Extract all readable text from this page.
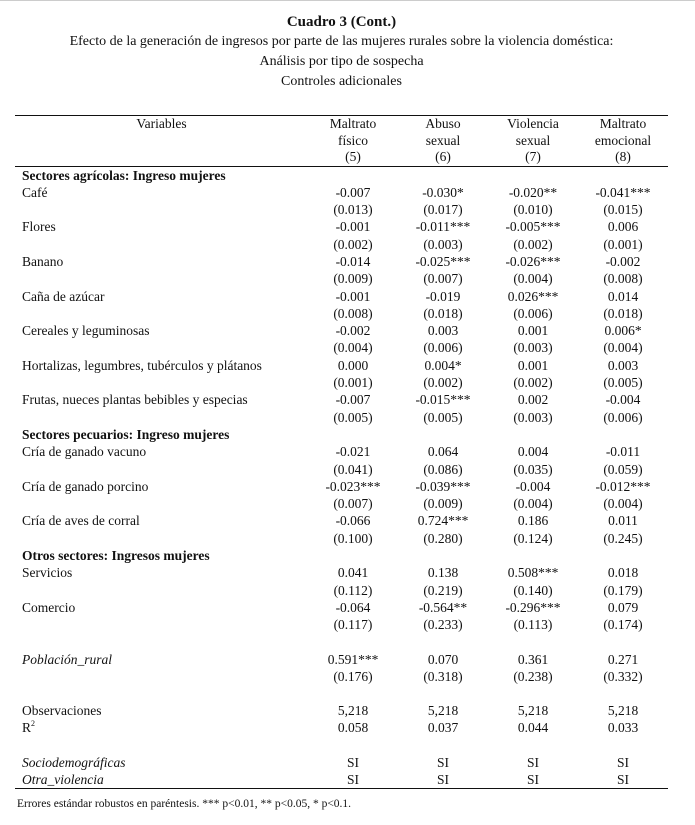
Cuadro 3 (Cont.)
Efecto de la generación de ingresos por parte de las mujeres rurales sobre la violencia doméstica:
Análisis por tipo de sospecha
Controles adicionales
Variables	Maltrato	Abuso	Violencia	Maltrato
	físico	sexual	sexual	emocional
	(5)	(6)	(7)	(8)
Sectores agrícolas: Ingreso mujeres				
Café	-0.007	-0.030*	-0.020**	-0.041***
	(0.013)	(0.017)	(0.010)	(0.015)
Flores	-0.001	-0.011***	-0.005***	0.006
	(0.002)	(0.003)	(0.002)	(0.001)
Banano	-0.014	-0.025***	-0.026***	-0.002
	(0.009)	(0.007)	(0.004)	(0.008)
Caña de azúcar	-0.001	-0.019	0.026***	0.014
	(0.008)	(0.018)	(0.006)	(0.018)
Cereales y leguminosas	-0.002	0.003	0.001	0.006*
	(0.004)	(0.006)	(0.003)	(0.004)
Hortalizas, legumbres, tubérculos y plátanos	0.000	0.004*	0.001	0.003
	(0.001)	(0.002)	(0.002)	(0.005)
Frutas, nueces plantas bebibles y especias	-0.007	-0.015***	0.002	-0.004
	(0.005)	(0.005)	(0.003)	(0.006)
Sectores pecuarios: Ingreso mujeres				
Cría de ganado vacuno	-0.021	0.064	0.004	-0.011
	(0.041)	(0.086)	(0.035)	(0.059)
Cría de ganado porcino	-0.023***	-0.039***	-0.004	-0.012***
	(0.007)	(0.009)	(0.004)	(0.004)
Cría de aves de corral	-0.066	0.724***	0.186	0.011
	(0.100)	(0.280)	(0.124)	(0.245)
Otros sectores: Ingresos mujeres				
Servicios	0.041	0.138	0.508***	0.018
	(0.112)	(0.219)	(0.140)	(0.179)
Comercio	-0.064	-0.564**	-0.296***	0.079
	(0.117)	(0.233)	(0.113)	(0.174)

Población_rural	0.591***	0.070	0.361	0.271
	(0.176)	(0.318)	(0.238)	(0.332)

Observaciones	5,218	5,218	5,218	5,218
$R^2$	0.058	0.037	0.044	0.033

Sociodemográficas	SI	SI	SI	SI
Otra_violencia	SI	SI	SI	SI
Errores estándar robustos en paréntesis. *** p<0.01, ** p<0.05, * p<0.1.
